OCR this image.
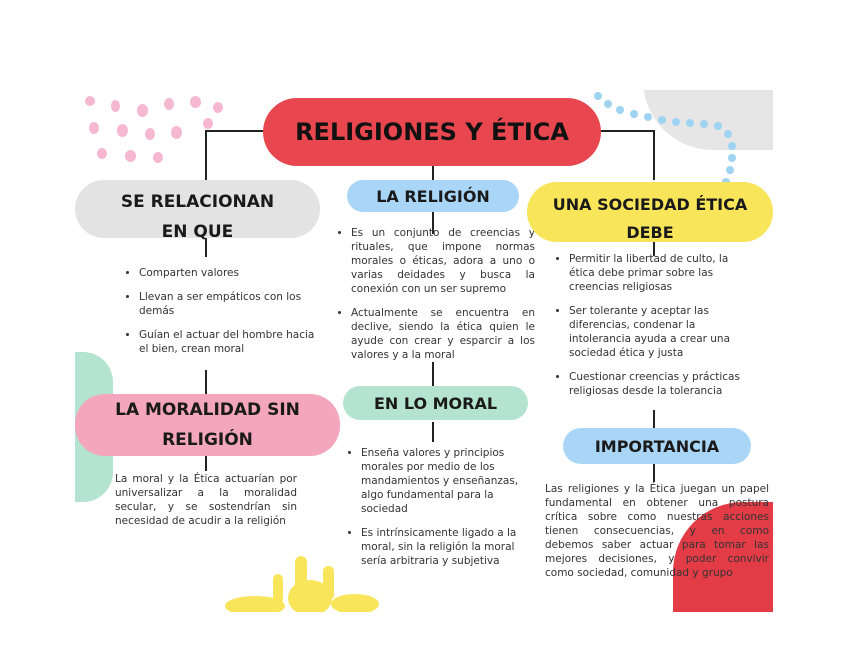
RELIGIONES Y ÉTICA
SE RELACIONAN
EN QUE
• Comparten valores
• Llevan a ser empáticos con los demás
• Guían el actuar del hombre hacia el bien, crean moral
LA MORALIDAD SIN
RELIGIÓN
La moral y la Ética actuarían por universalizar a la moralidad secular, y se sostendrían sin necesidad de acudir a la religión
LA RELIGIÓN
• Es un conjunto de creencias y rituales, que impone normas morales o éticas, adora a uno o varias deidades y busca la conexión con un ser supremo
• Actualmente se encuentra en declive, siendo la ética quien le ayude con crear y esparcir a los valores y a la moral
EN LO MORAL
• Enseña valores y principios morales por medio de los mandamientos y enseñanzas, algo fundamental para la sociedad
• Es intrínsicamente ligado a la moral, sin la religión la moral sería arbitraria y subjetiva
UNA SOCIEDAD ÉTICA
DEBE
• Permitir la libertad de culto, la ética debe primar sobre las creencias religiosas
• Ser tolerante y aceptar las diferencias, condenar la intolerancia ayuda a crear una sociedad ética y justa
• Cuestionar creencias y prácticas religiosas desde la tolerancia
IMPORTANCIA
Las religiones y la Ética juegan un papel fundamental en obtener una postura crítica sobre como nuestras acciones tienen consecuencias, y en como debemos saber actuar para tomar las mejores decisiones, y poder convivir como sociedad, comunidad y grupo
